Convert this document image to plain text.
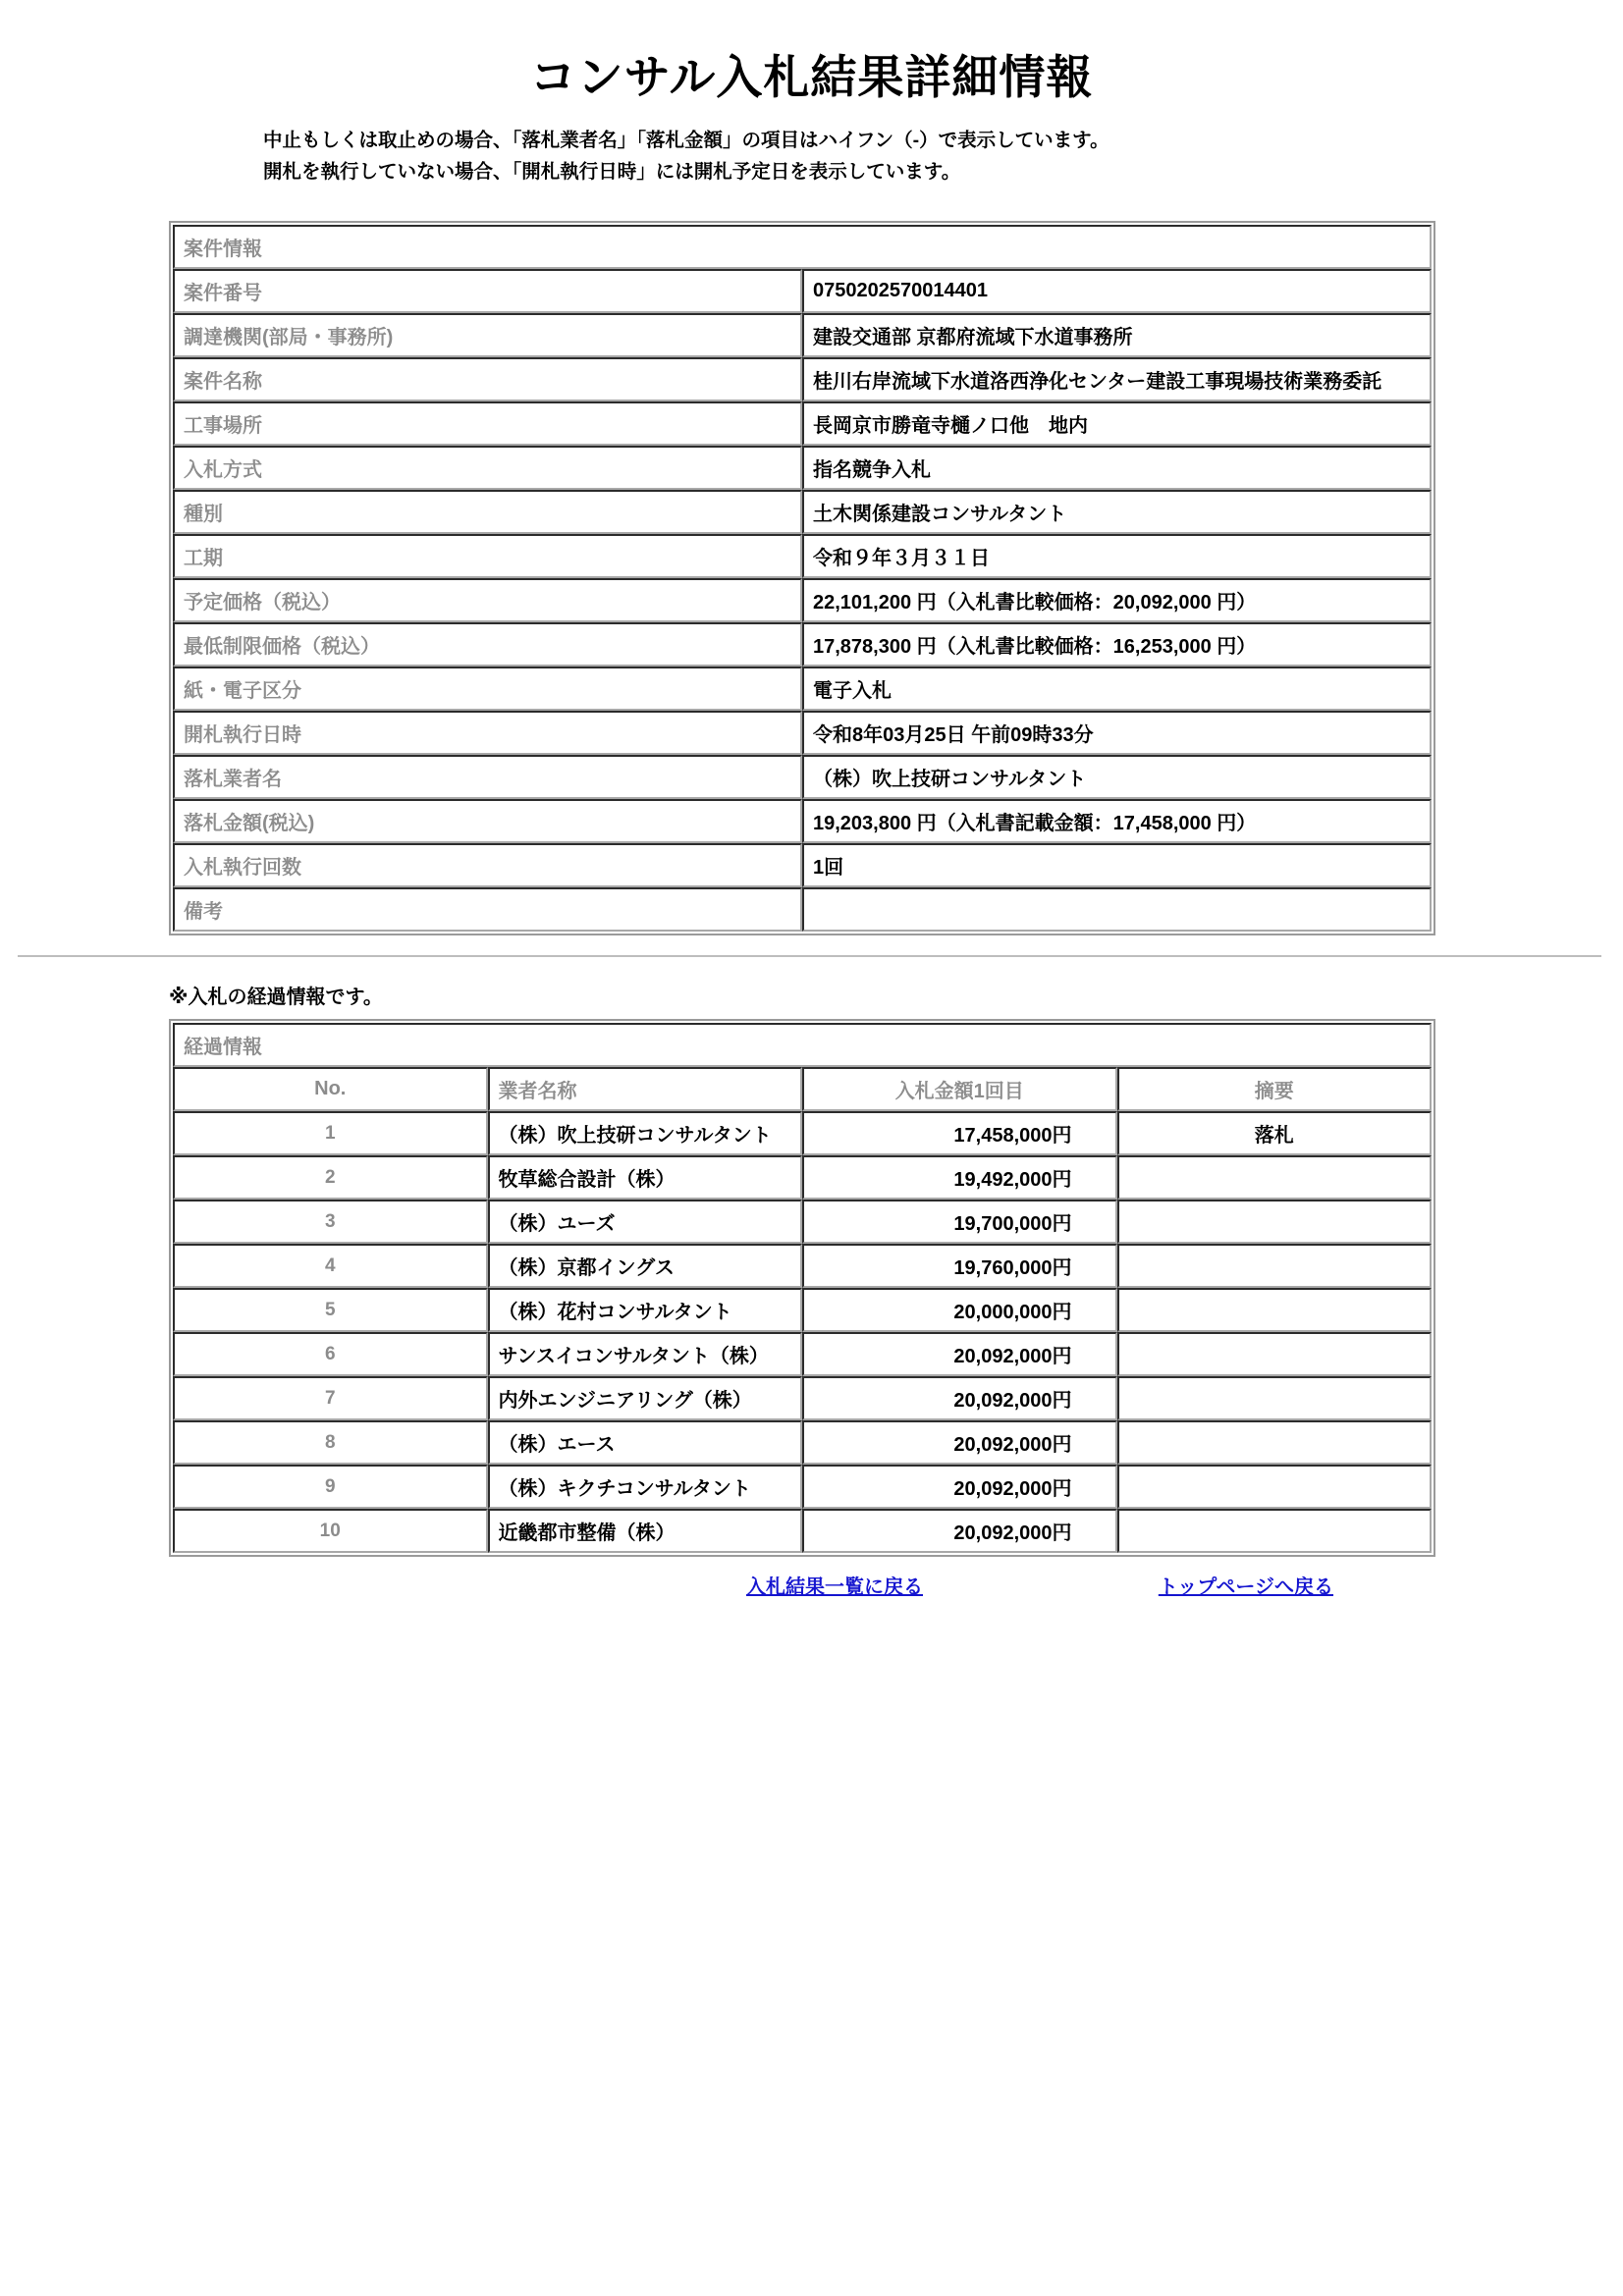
コンサル入札結果詳細情報
中止もしくは取止めの場合、「落札業者名」「落札金額」の項目はハイフン（-）で表示しています。
開札を執行していない場合、「開札執行日時」には開札予定日を表示しています。
案件情報	
案件番号	0750202570014401
調達機関(部局・事務所)	建設交通部 京都府流域下水道事務所
案件名称	桂川右岸流域下水道洛西浄化センター建設工事現場技術業務委託
工事場所	長岡京市勝竜寺樋ノ口他　地内
入札方式	指名競争入札
種別	土木関係建設コンサルタント
工期	令和９年３月３１日
予定価格（税込）	22,101,200 円（入札書比較価格：20,092,000 円）
最低制限価格（税込）	17,878,300 円（入札書比較価格：16,253,000 円）
紙・電子区分	電子入札
開札執行日時	令和8年03月25日 午前09時33分
落札業者名	（株）吹上技研コンサルタント
落札金額(税込)	19,203,800 円（入札書記載金額：17,458,000 円）
入札執行回数	1回
備考	
※入札の経過情報です。
経過情報			
No.	業者名称	入札金額1回目	摘要
1	（株）吹上技研コンサルタント	17,458,000円	落札
2	牧草総合設計（株）	19,492,000円	
3	（株）ユーズ	19,700,000円	
4	（株）京都イングス	19,760,000円	
5	（株）花村コンサルタント	20,000,000円	
6	サンスイコンサルタント（株）	20,092,000円	
7	内外エンジニアリング（株）	20,092,000円	
8	（株）エース	20,092,000円	
9	（株）キクチコンサルタント	20,092,000円	
10	近畿都市整備（株）	20,092,000円	
入札結果一覧に戻る	トップページへ戻る
